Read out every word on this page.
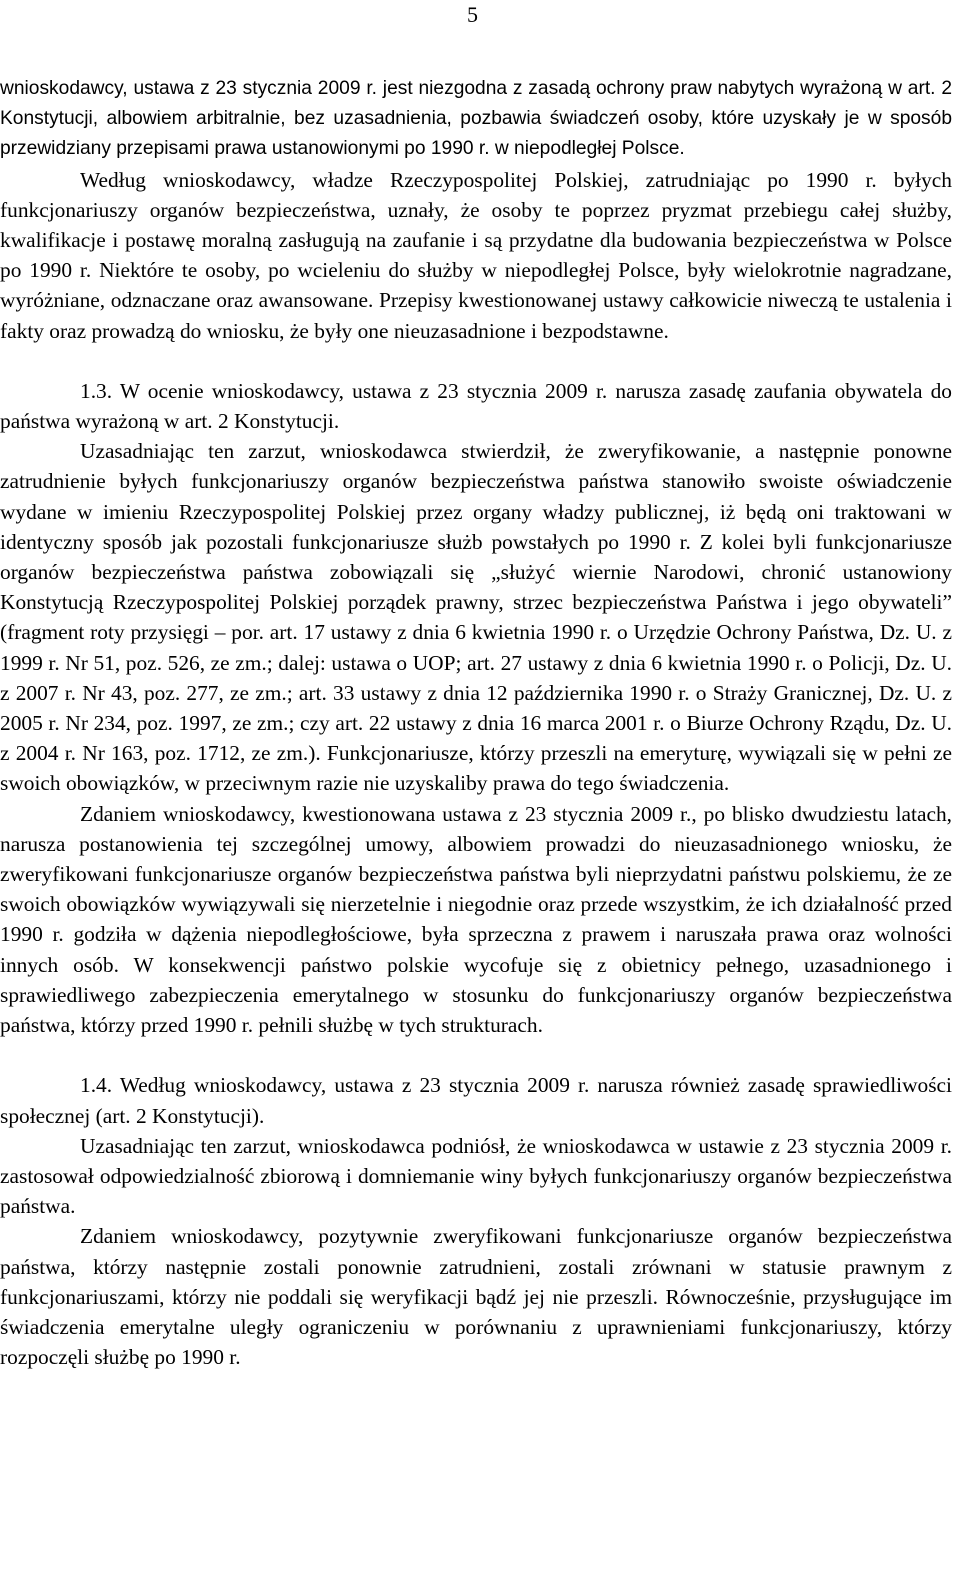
5

wnioskodawcy, ustawa z 23 stycznia 2009 r. jest niezgodna z zasadą ochrony praw nabytych wyrażoną w art. 2 Konstytucji, albowiem arbitralnie, bez uzasadnienia, pozbawia świadczeń osoby, które uzyskały je w sposób przewidziany przepisami prawa ustanowionymi po 1990 r. w niepodległej Polsce.

Według wnioskodawcy, władze Rzeczypospolitej Polskiej, zatrudniając po 1990 r. byłych funkcjonariuszy organów bezpieczeństwa, uznały, że osoby te poprzez pryzmat przebiegu całej służby, kwalifikacje i postawę moralną zasługują na zaufanie i są przydatne dla budowania bezpieczeństwa w Polsce po 1990 r. Niektóre te osoby, po wcieleniu do służby w niepodległej Polsce, były wielokrotnie nagradzane, wyróżniane, odznaczane oraz awansowane. Przepisy kwestionowanej ustawy całkowicie niweczą te ustalenia i fakty oraz prowadzą do wniosku, że były one nieuzasadnione i bezpodstawne.

1.3. W ocenie wnioskodawcy, ustawa z 23 stycznia 2009 r. narusza zasadę zaufania obywatela do państwa wyrażoną w art. 2 Konstytucji.

Uzasadniając ten zarzut, wnioskodawca stwierdził, że zweryfikowanie, a następnie ponowne zatrudnienie byłych funkcjonariuszy organów bezpieczeństwa państwa stanowiło swoiste oświadczenie wydane w imieniu Rzeczypospolitej Polskiej przez organy władzy publicznej, iż będą oni traktowani w identyczny sposób jak pozostali funkcjonariusze służb powstałych po 1990 r. Z kolei byli funkcjonariusze organów bezpieczeństwa państwa zobowiązali się „służyć wiernie Narodowi, chronić ustanowiony Konstytucją Rzeczypospolitej Polskiej porządek prawny, strzec bezpieczeństwa Państwa i jego obywateli” (fragment roty przysięgi – por. art. 17 ustawy z dnia 6 kwietnia 1990 r. o Urzędzie Ochrony Państwa, Dz. U. z 1999 r. Nr 51, poz. 526, ze zm.; dalej: ustawa o UOP; art. 27 ustawy z dnia 6 kwietnia 1990 r. o Policji, Dz. U. z 2007 r. Nr 43, poz. 277, ze zm.; art. 33 ustawy z dnia 12 października 1990 r. o Straży Granicznej, Dz. U. z 2005 r. Nr 234, poz. 1997, ze zm.; czy art. 22 ustawy z dnia 16 marca 2001 r. o Biurze Ochrony Rządu, Dz. U. z 2004 r. Nr 163, poz. 1712, ze zm.). Funkcjonariusze, którzy przeszli na emeryturę, wywiązali się w pełni ze swoich obowiązków, w przeciwnym razie nie uzyskaliby prawa do tego świadczenia.

Zdaniem wnioskodawcy, kwestionowana ustawa z 23 stycznia 2009 r., po blisko dwudziestu latach, narusza postanowienia tej szczególnej umowy, albowiem prowadzi do nieuzasadnionego wniosku, że zweryfikowani funkcjonariusze organów bezpieczeństwa państwa byli nieprzydatni państwu polskiemu, że ze swoich obowiązków wywiązywali się nierzetelnie i niegodnie oraz przede wszystkim, że ich działalność przed 1990 r. godziła w dążenia niepodległościowe, była sprzeczna z prawem i naruszała prawa oraz wolności innych osób. W konsekwencji państwo polskie wycofuje się z obietnicy pełnego, uzasadnionego i sprawiedliwego zabezpieczenia emerytalnego w stosunku do funkcjonariuszy organów bezpieczeństwa państwa, którzy przed 1990 r. pełnili służbę w tych strukturach.

1.4. Według wnioskodawcy, ustawa z 23 stycznia 2009 r. narusza również zasadę sprawiedliwości społecznej (art. 2 Konstytucji).

Uzasadniając ten zarzut, wnioskodawca podniósł, że wnioskodawca w ustawie z 23 stycznia 2009 r. zastosował odpowiedzialność zbiorową i domniemanie winy byłych funkcjonariuszy organów bezpieczeństwa państwa.

Zdaniem wnioskodawcy, pozytywnie zweryfikowani funkcjonariusze organów bezpieczeństwa państwa, którzy następnie zostali ponownie zatrudnieni, zostali zrównani w statusie prawnym z funkcjonariuszami, którzy nie poddali się weryfikacji bądź jej nie przeszli. Równocześnie, przysługujące im świadczenia emerytalne uległy ograniczeniu w porównaniu z uprawnieniami funkcjonariuszy, którzy rozpoczęli służbę po 1990 r.
